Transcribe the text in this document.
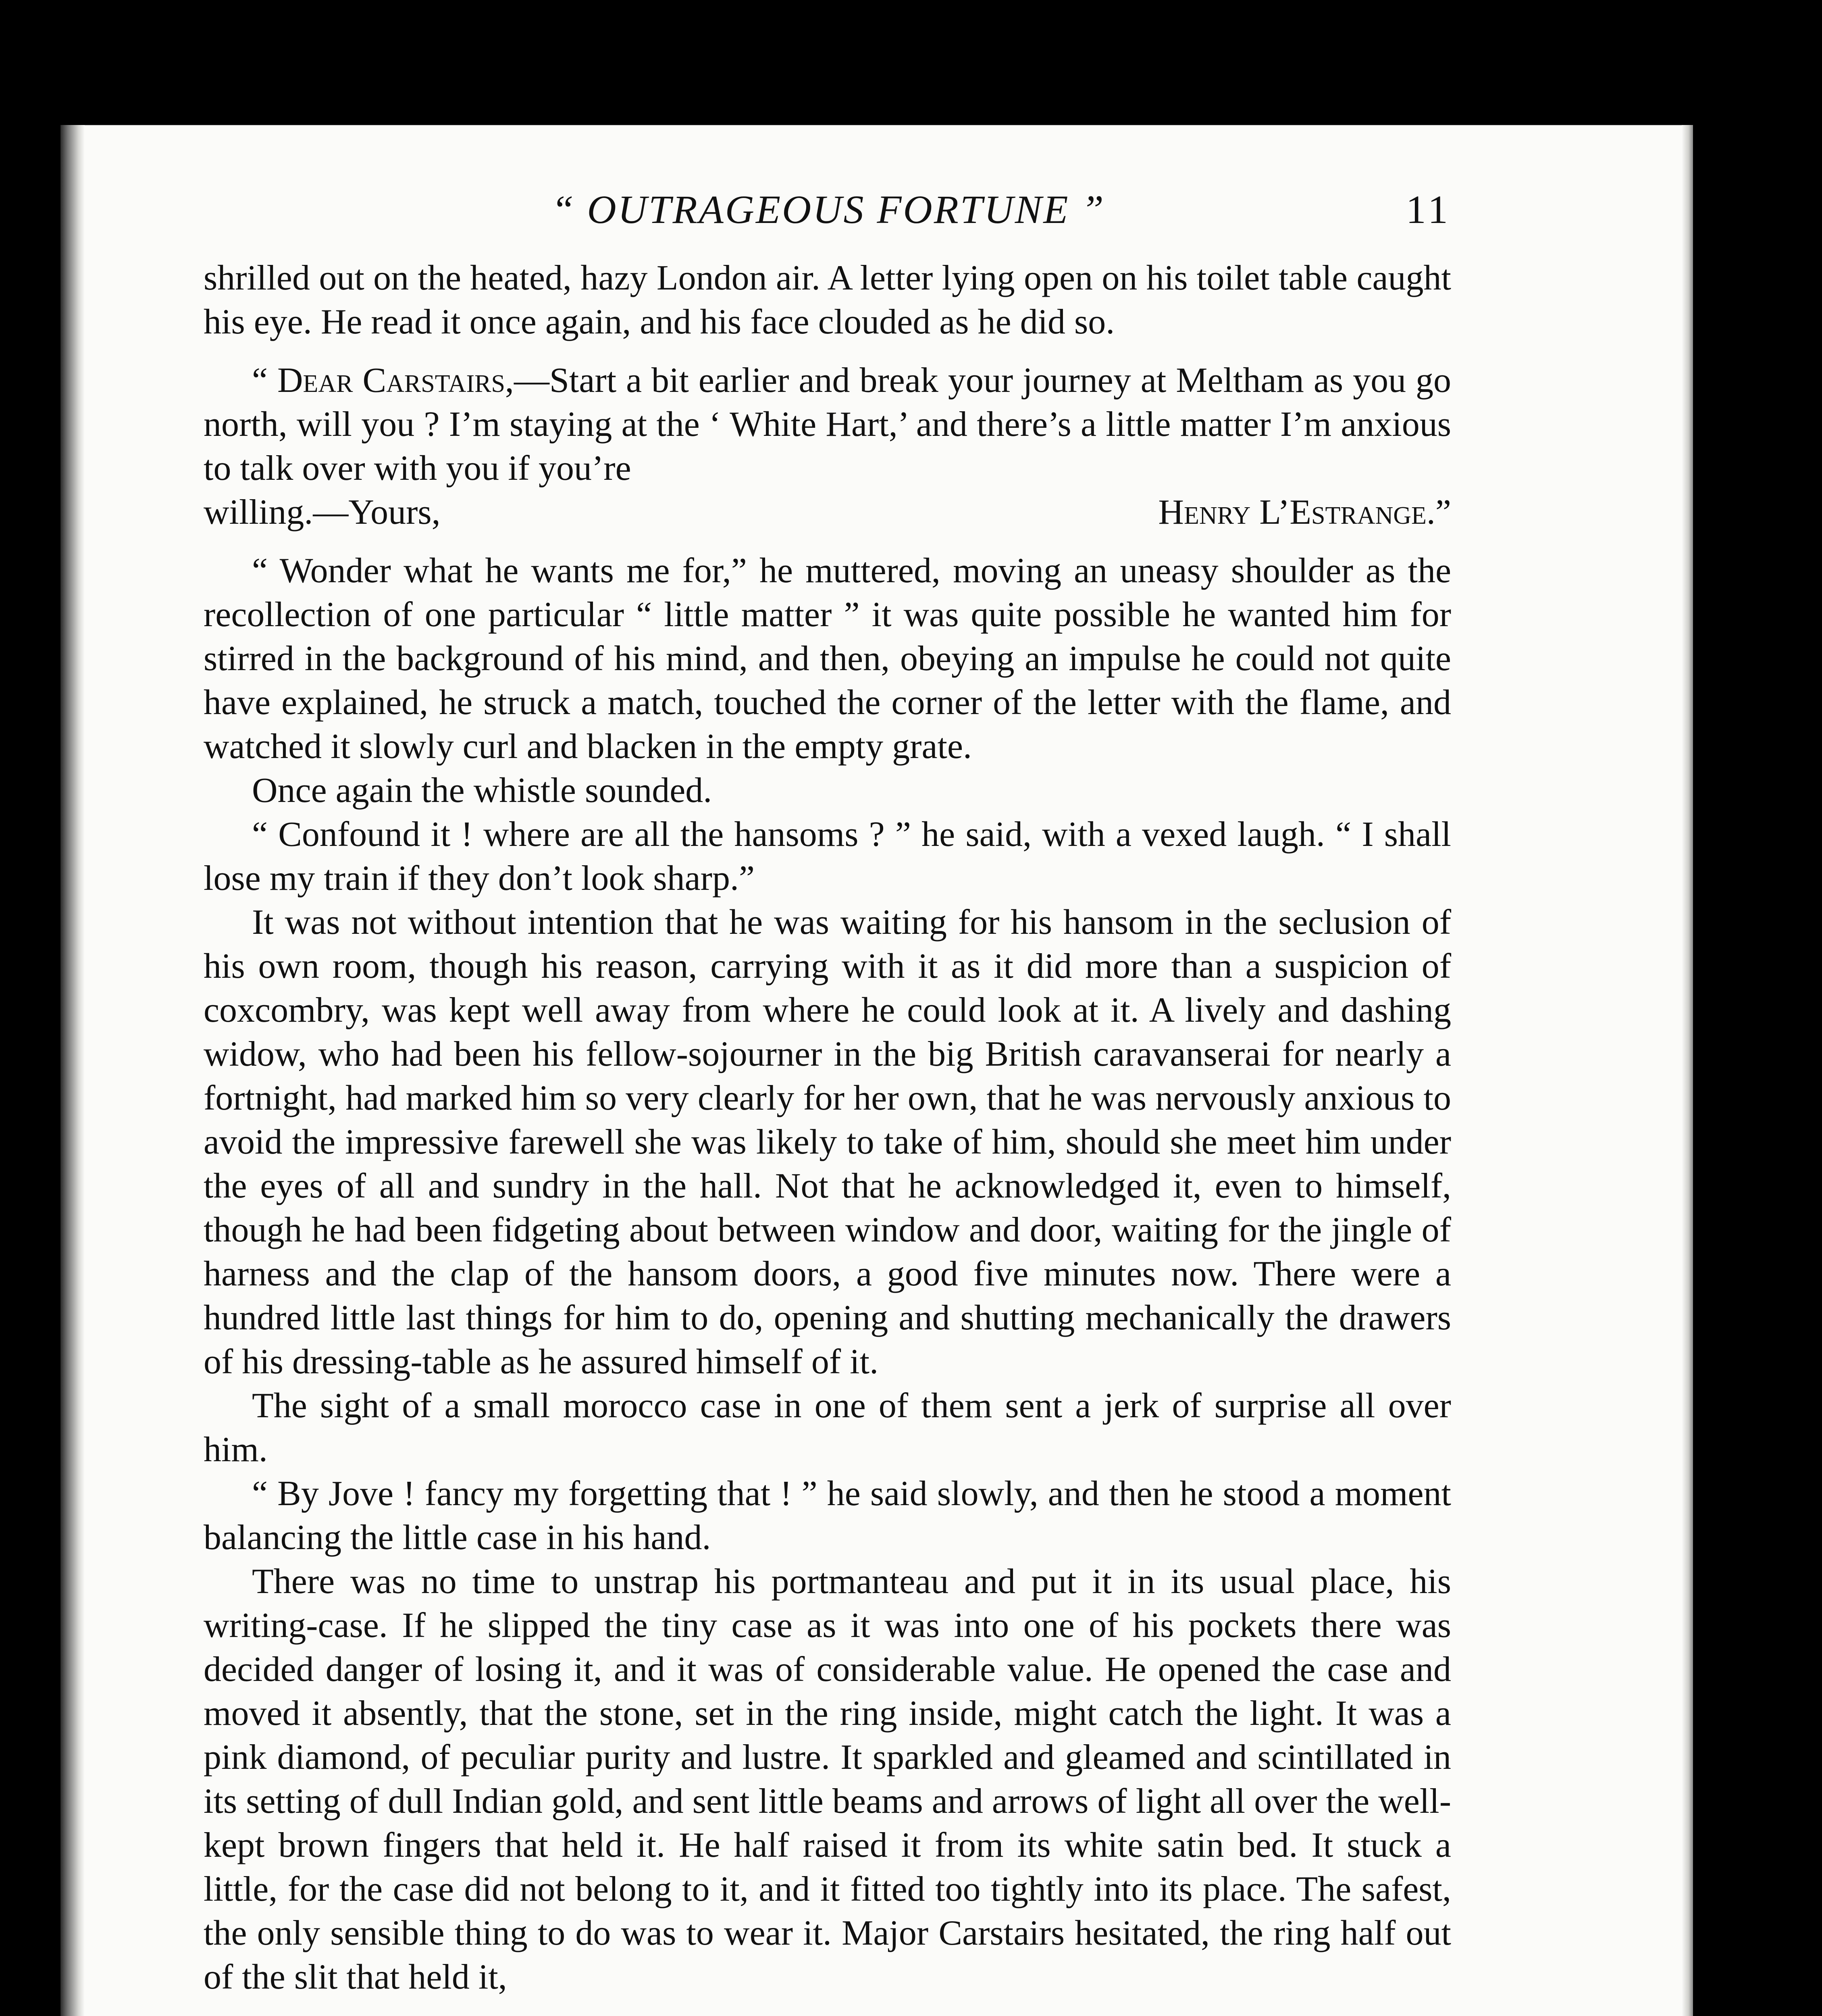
“ OUTRAGEOUS FORTUNE ”	11

shrilled out on the heated, hazy London air. A letter lying open on his toilet table caught his eye. He read it once again, and his face clouded as he did so.

“ Dear Carstairs,—Start a bit earlier and break your journey at Meltham as you go north, will you ? I’m staying at the ‘ White Hart,’ and there’s a little matter I’m anxious to talk over with you if you’re

willing.—Yours,	Henry L’Estrange.”

“ Wonder what he wants me for,” he muttered, moving an uneasy shoulder as the recollection of one particular “ little matter ” it was quite possible he wanted him for stirred in the background of his mind, and then, obeying an impulse he could not quite have explained, he struck a match, touched the corner of the letter with the flame, and watched it slowly curl and blacken in the empty grate.

Once again the whistle sounded.

“ Confound it ! where are all the hansoms ? ” he said, with a vexed laugh. “ I shall lose my train if they don’t look sharp.”

It was not without intention that he was waiting for his hansom in the seclusion of his own room, though his reason, carrying with it as it did more than a suspicion of coxcombry, was kept well away from where he could look at it. A lively and dashing widow, who had been his fellow-sojourner in the big British caravanserai for nearly a fortnight, had marked him so very clearly for her own, that he was nervously anxious to avoid the impressive farewell she was likely to take of him, should she meet him under the eyes of all and sundry in the hall. Not that he acknowledged it, even to himself, though he had been fidgeting about between window and door, waiting for the jingle of harness and the clap of the hansom doors, a good five minutes now. There were a hundred little last things for him to do, opening and shutting mechanically the drawers of his dressing-table as he assured himself of it.

The sight of a small morocco case in one of them sent a jerk of surprise all over him.

“ By Jove ! fancy my forgetting that ! ” he said slowly, and then he stood a moment balancing the little case in his hand.

There was no time to unstrap his portmanteau and put it in its usual place, his writing-case. If he slipped the tiny case as it was into one of his pockets there was decided danger of losing it, and it was of considerable value. He opened the case and moved it absently, that the stone, set in the ring inside, might catch the light. It was a pink diamond, of peculiar purity and lustre. It sparkled and gleamed and scintillated in its setting of dull Indian gold, and sent little beams and arrows of light all over the well-kept brown fingers that held it. He half raised it from its white satin bed. It stuck a little, for the case did not belong to it, and it fitted too tightly into its place. The safest, the only sensible thing to do was to wear it. Major Carstairs hesitated, the ring half out of the slit that held it,
